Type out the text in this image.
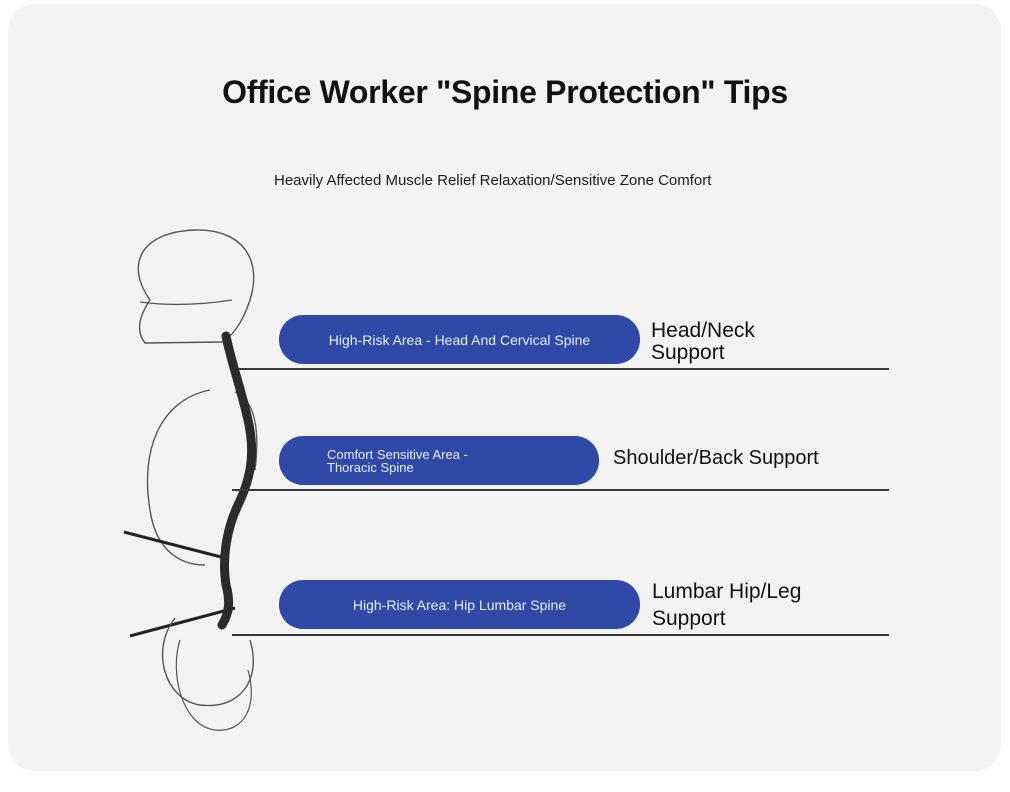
Office Worker "Spine Protection" Tips
Heavily Affected Muscle Relief Relaxation/Sensitive Zone Comfort
High-Risk Area - Head And Cervical Spine	Head/Neck Support
Comfort Sensitive Area - Thoracic Spine	Shoulder/Back Support
High-Risk Area: Hip Lumbar Spine
Lumbar Hip/Leg Support
